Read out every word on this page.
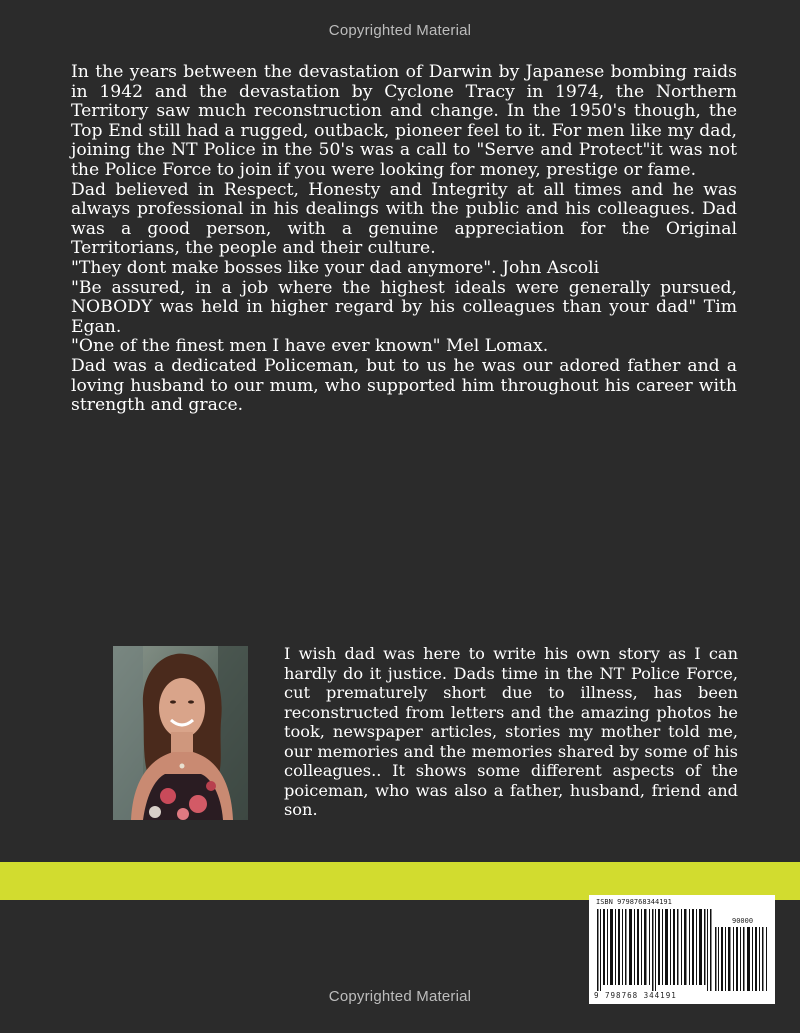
Copyrighted Material

In the years between the devastation of Darwin by Japanese bombing raids in 1942 and the devastation by Cyclone Tracy in 1974, the Northern Territory saw much reconstruction and change. In the 1950's though, the Top End still had a rugged, outback, pioneer feel to it. For men like my dad, joining the NT Police in the 50's was a call to "Serve and Protect"it was not the Police Force to join if you were looking for money, prestige or fame.

Dad believed in Respect, Honesty and Integrity at all times and he was always professional in his dealings with the public and his colleagues. Dad was a good person, with a genuine appreciation for the Original Territorians, the people and their culture.

"They dont make bosses like your dad anymore". John Ascoli

"Be assured, in a job where the highest ideals were generally pursued, NOBODY was held in higher regard by his colleagues than your dad" Tim Egan.

"One of the finest men I have ever known" Mel Lomax.

Dad was a dedicated Policeman, but to us he was our adored father and a loving husband to our mum, who supported him throughout his career with strength and grace.

I wish dad was here to write his own story as I can hardly do it justice. Dads time in the NT Police Force, cut prematurely short due to illness, has been reconstructed from letters and the amazing photos he took, newspaper articles, stories my mother told me, our memories and the memories shared by some of his colleagues.. It shows some different aspects of the poiceman, who was also a father, husband, friend and son.

ISBN 9798768344191
90000
9 798768 344191
Copyrighted Material
